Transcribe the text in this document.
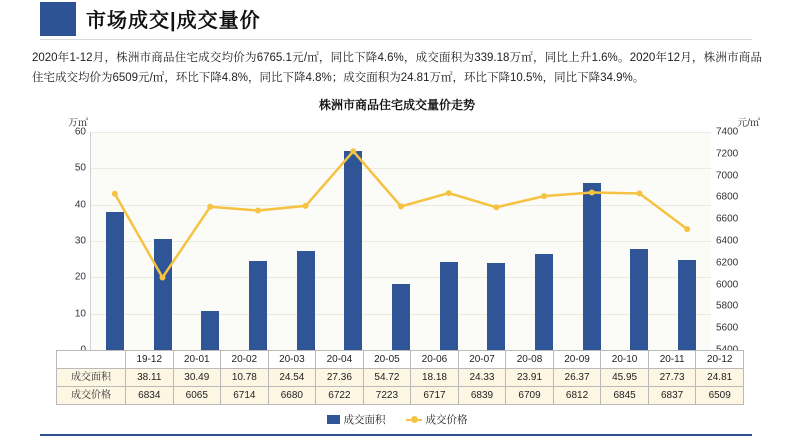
市场成交|成交量价
2020年1-12月，株洲市商品住宅成交均价为6765.1元/㎡，同比下降4.6%，成交面积为339.18万㎡，同比上升1.6%。2020年12月，株洲市商品住宅成交均价为6509元/㎡，环比下降4.8%，同比下降4.8%；成交面积为24.81万㎡，环比下降10.5%，同比下降34.9%。
株洲市商品住宅成交量价走势
万㎡	元/㎡
10
20
30
40
50
60
5600
5800
6000
6200
6400
6600
6800
7000
7200
7400
	19-12	20-01	20-02	20-03	20-04	20-05	20-06	20-07	20-08	20-09	20-10	20-11	20-12
成交面积	38.11	30.49	10.78	24.54	27.36	54.72	18.18	24.33	23.91	26.37	45.95	27.73	24.81
成交价格	6834	6065	6714	6680	6722	7223	6717	6839	6709	6812	6845	6837	6509
成交面积	成交价格
